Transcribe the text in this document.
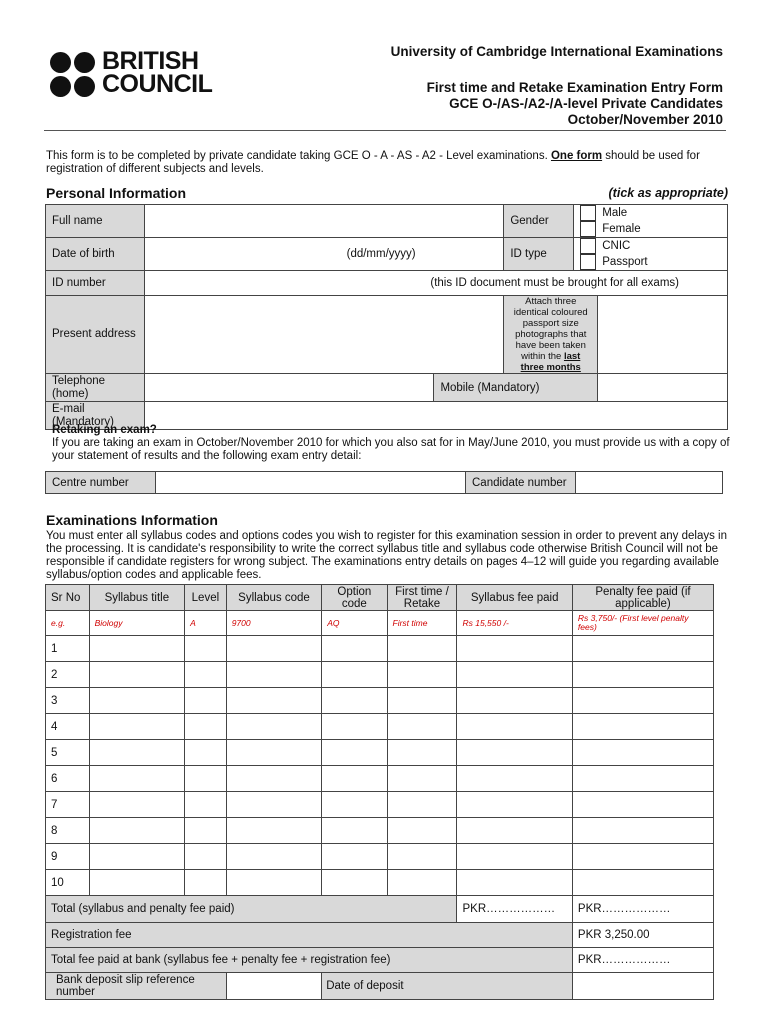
BRITISH
COUNCIL
University of Cambridge International Examinations
First time and Retake Examination Entry Form
GCE O-/AS-/A2-/A-level Private Candidates
October/November 2010
This form is to be completed by private candidate taking GCE O - A - AS - A2 - Level examinations. One form should be used for registration of different subjects and levels.
Personal Information	(tick as appropriate)
Full name			Gender	Male Female	
Date of birth	(dd/mm/yyyy)		ID type	CNIC Passport	
ID number	(this ID document must be brought for all exams)				
Present address			Attach three identical coloured passport size photographs that have been taken within the last three months		
Telephone (home)		Mobile (Mandatory)			
E-mail (Mandatory)					
Retaking an exam?
If you are taking an exam in October/November 2010 for which you also sat for in May/June 2010, you must provide us with a copy of your statement of results and the following exam entry detail:
Centre number		Candidate number	
Examinations Information
You must enter all syllabus codes and options codes you wish to register for this examination session in order to prevent any delays in the processing. It is candidate's responsibility to write the correct syllabus title and syllabus code otherwise British Council will not be responsible if candidate registers for wrong subject. The examinations entry details on pages 4–12 will guide you regarding available syllabus/option codes and applicable fees.
Sr No	Syllabus title	Level	Syllabus code	Option code	First time / Retake	Syllabus fee paid	Penalty fee paid (if applicable)
e.g.	Biology	A	9700	AQ	First time	Rs 15,550 /-	Rs 3,750/- (First level penalty fees)
1							
2							
3							
4							
5							
6							
7							
8							
9							
10							
Total (syllabus and penalty fee paid)						PKR………………	PKR………………
Registration fee							PKR 3,250.00
Total fee paid at bank (syllabus fee + penalty fee + registration fee)							PKR………………
Bank deposit slip reference number				Date of deposit			
